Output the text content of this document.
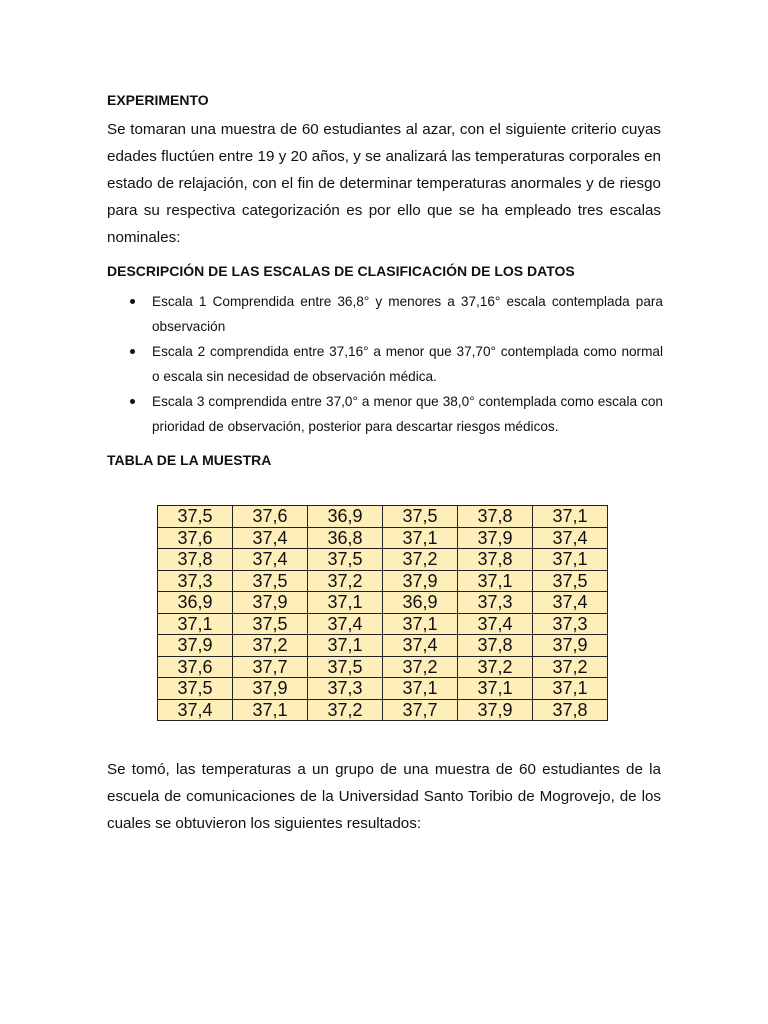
EXPERIMENTO
Se tomaran una muestra de 60 estudiantes al azar, con el siguiente criterio cuyas edades fluctúen entre 19 y 20 años, y se analizará las temperaturas corporales en estado de relajación, con el fin de determinar temperaturas anormales y de riesgo para su respectiva categorización es por ello que se ha empleado tres escalas nominales:
DESCRIPCIÓN DE LAS ESCALAS DE CLASIFICACIÓN DE LOS DATOS
Escala 1 Comprendida entre 36,8° y menores a 37,16° escala contemplada para observación
Escala 2 comprendida entre 37,16° a menor que 37,70° contemplada como normal o escala sin necesidad de observación médica.
Escala 3 comprendida entre 37,0° a menor que 38,0° contemplada como escala con prioridad de observación, posterior para descartar riesgos médicos.
TABLA DE LA MUESTRA
37,5	37,6	36,9	37,5	37,8	37,1
37,6	37,4	36,8	37,1	37,9	37,4
37,8	37,4	37,5	37,2	37,8	37,1
37,3	37,5	37,2	37,9	37,1	37,5
36,9	37,9	37,1	36,9	37,3	37,4
37,1	37,5	37,4	37,1	37,4	37,3
37,9	37,2	37,1	37,4	37,8	37,9
37,6	37,7	37,5	37,2	37,2	37,2
37,5	37,9	37,3	37,1	37,1	37,1
37,4	37,1	37,2	37,7	37,9	37,8
Se tomó, las temperaturas a un grupo de una muestra de 60 estudiantes de la escuela de comunicaciones de la Universidad Santo Toribio de Mogrovejo, de los cuales se obtuvieron los siguientes resultados:
